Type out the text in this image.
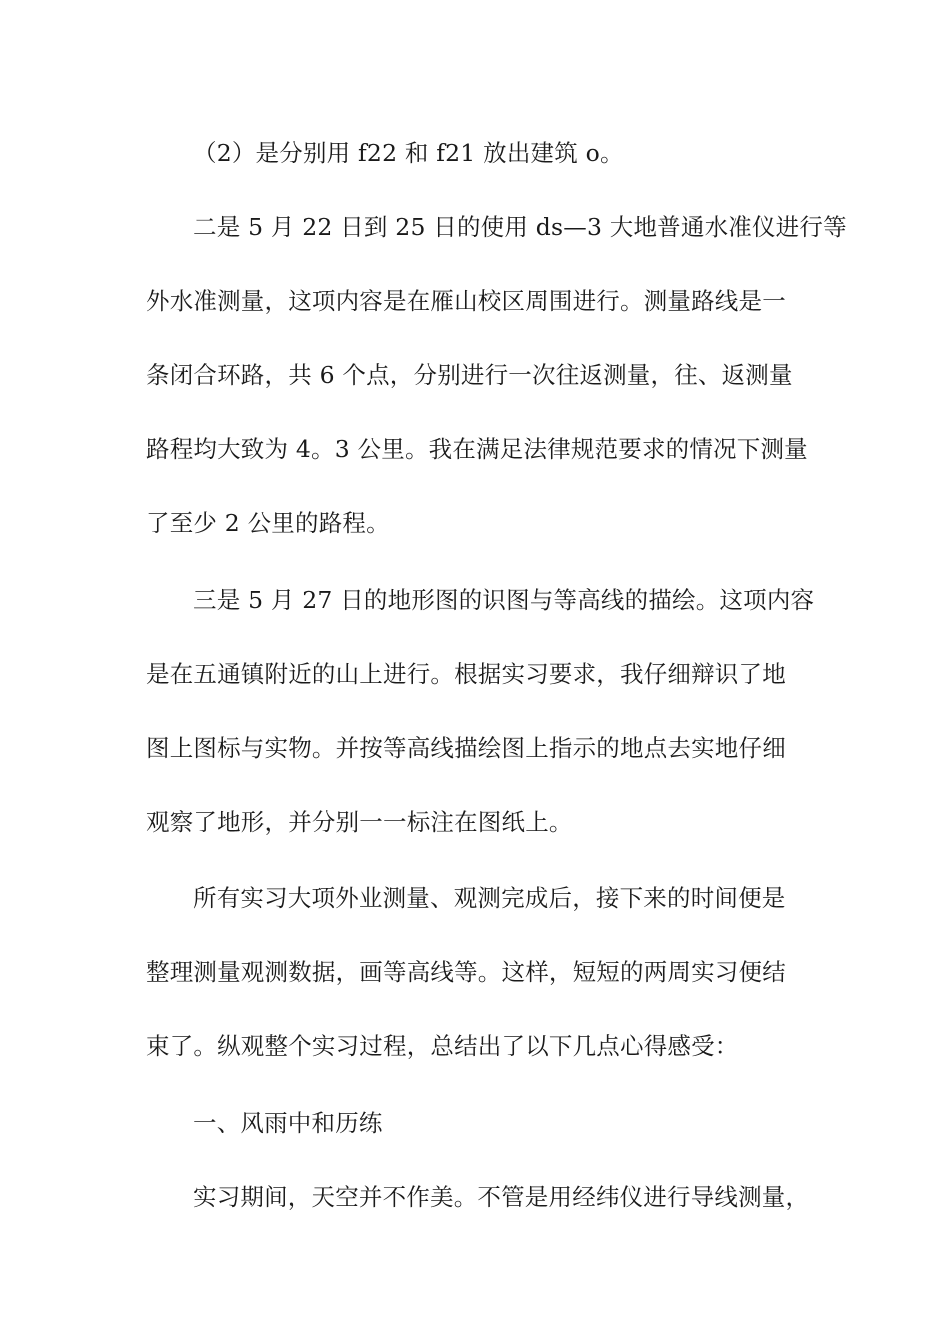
（2）是分别用 f22 和 f21 放出建筑 o。
二是 5 月 22 日到 25 日的使用 ds—3 大地普通水准仪进行等
外水准测量，这项内容是在雁山校区周围进行。测量路线是一
条闭合环路，共 6 个点，分别进行一次往返测量，往、返测量
路程均大致为 4。3 公里。我在满足法律规范要求的情况下测量
了至少 2 公里的路程。
三是 5 月 27 日的地形图的识图与等高线的描绘。这项内容
是在五通镇附近的山上进行。根据实习要求，我仔细辩识了地
图上图标与实物。并按等高线描绘图上指示的地点去实地仔细
观察了地形，并分别一一标注在图纸上。
所有实习大项外业测量、观测完成后，接下来的时间便是
整理测量观测数据，画等高线等。这样，短短的两周实习便结
束了。纵观整个实习过程，总结出了以下几点心得感受：
一、风雨中和历练
实习期间，天空并不作美。不管是用经纬仪进行导线测量，
